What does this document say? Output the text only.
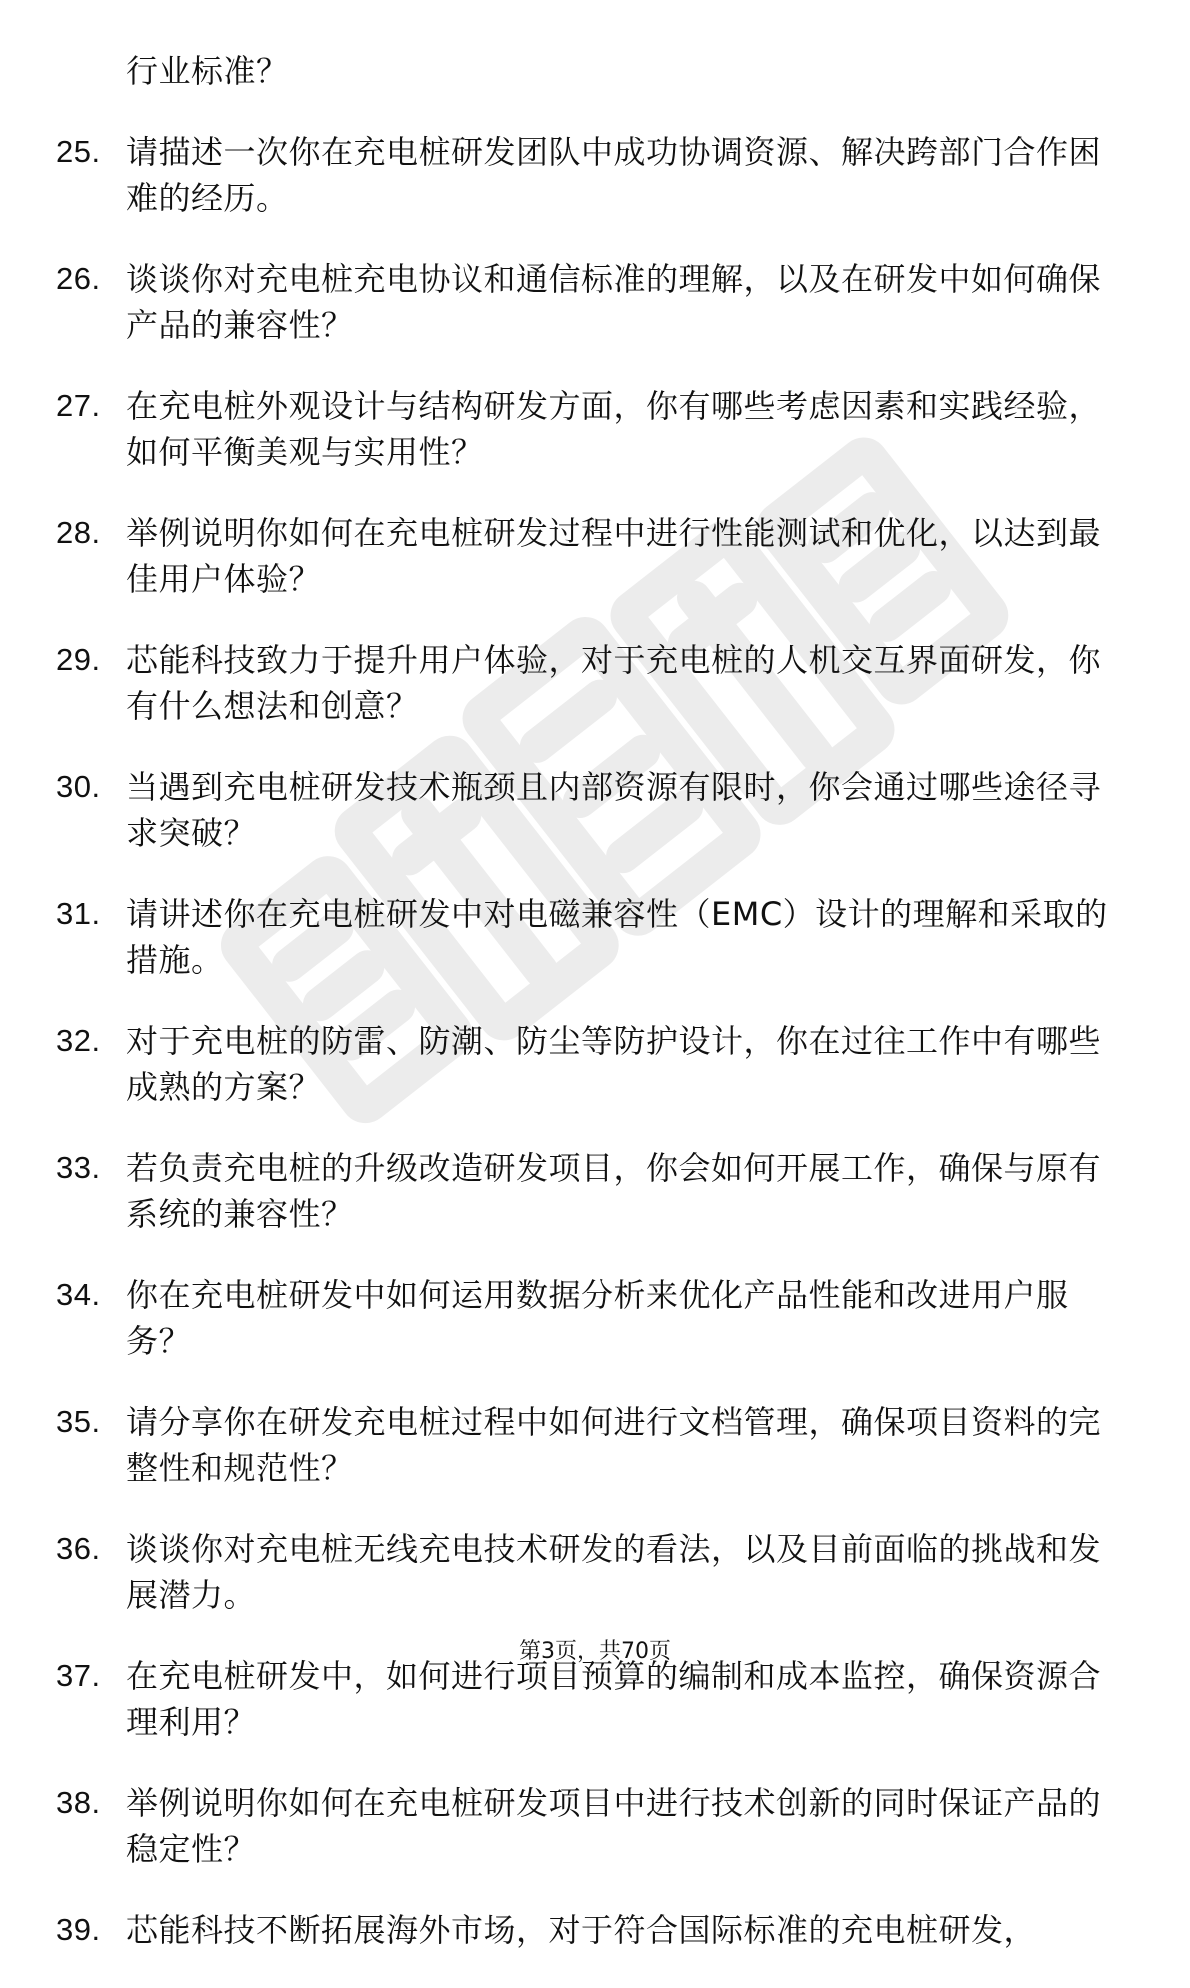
行业标准？
25. 请描述一次你在充电桩研发团队中成功协调资源、解决跨部门合作困难的经历。
26. 谈谈你对充电桩充电协议和通信标准的理解，以及在研发中如何确保产品的兼容性？
27. 在充电桩外观设计与结构研发方面，你有哪些考虑因素和实践经验，如何平衡美观与实用性？
28. 举例说明你如何在充电桩研发过程中进行性能测试和优化，以达到最佳用户体验？
29. 芯能科技致力于提升用户体验，对于充电桩的人机交互界面研发，你有什么想法和创意？
30. 当遇到充电桩研发技术瓶颈且内部资源有限时，你会通过哪些途径寻求突破？
31. 请讲述你在充电桩研发中对电磁兼容性（EMC）设计的理解和采取的措施。
32. 对于充电桩的防雷、防潮、防尘等防护设计，你在过往工作中有哪些成熟的方案？
33. 若负责充电桩的升级改造研发项目，你会如何开展工作，确保与原有系统的兼容性？
34. 你在充电桩研发中如何运用数据分析来优化产品性能和改进用户服务？
35. 请分享你在研发充电桩过程中如何进行文档管理，确保项目资料的完整性和规范性？
36. 谈谈你对充电桩无线充电技术研发的看法，以及目前面临的挑战和发展潜力。
37. 在充电桩研发中，如何进行项目预算的编制和成本监控，确保资源合理利用？
38. 举例说明你如何在充电桩研发项目中进行技术创新的同时保证产品的稳定性？
39. 芯能科技不断拓展海外市场，对于符合国际标准的充电桩研发，
第3页，共70页
